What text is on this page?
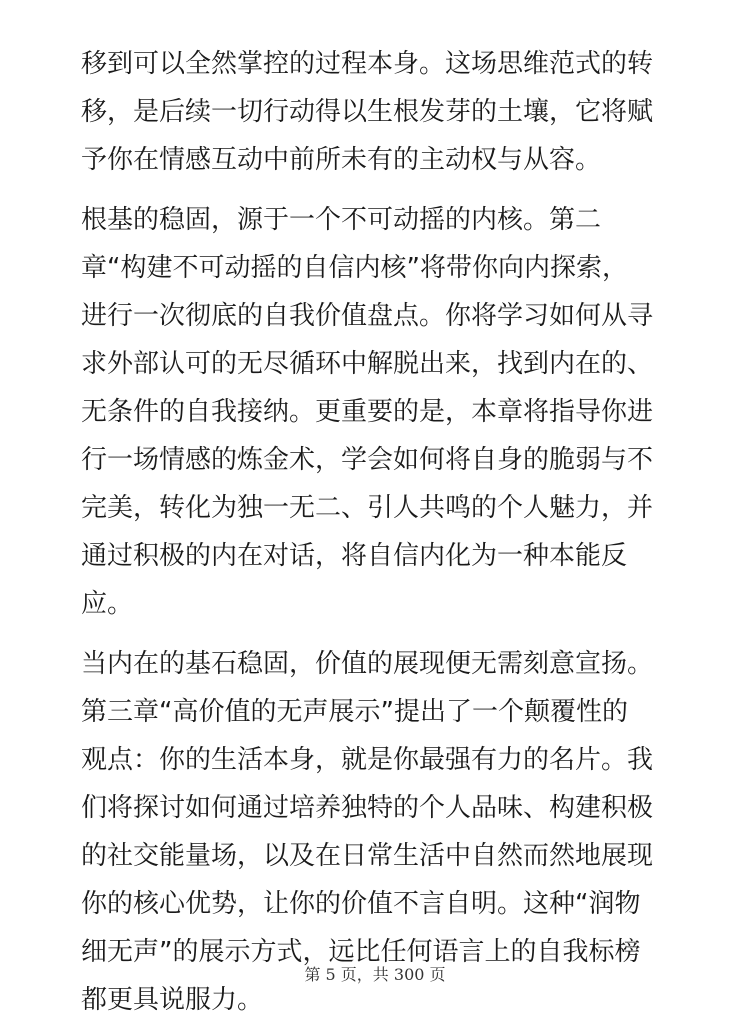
移到可以全然掌控的过程本身。这场思维范式的转
移，是后续一切行动得以生根发芽的土壤，它将赋
予你在情感互动中前所未有的主动权与从容。

根基的稳固，源于一个不可动摇的内核。第二
章“构建不可动摇的自信内核”将带你向内探索，
进行一次彻底的自我价值盘点。你将学习如何从寻
求外部认可的无尽循环中解脱出来，找到内在的、
无条件的自我接纳。更重要的是，本章将指导你进
行一场情感的炼金术，学会如何将自身的脆弱与不
完美，转化为独一无二、引人共鸣的个人魅力，并
通过积极的内在对话，将自信内化为一种本能反
应。

当内在的基石稳固，价值的展现便无需刻意宣扬。
第三章“高价值的无声展示”提出了一个颠覆性的
观点：你的生活本身，就是你最强有力的名片。我
们将探讨如何通过培养独特的个人品味、构建积极
的社交能量场，以及在日常生活中自然而然地展现
你的核心优势，让你的价值不言自明。这种“润物
细无声”的展示方式，远比任何语言上的自我标榜
都更具说服力。

第 5 页，共 300 页
